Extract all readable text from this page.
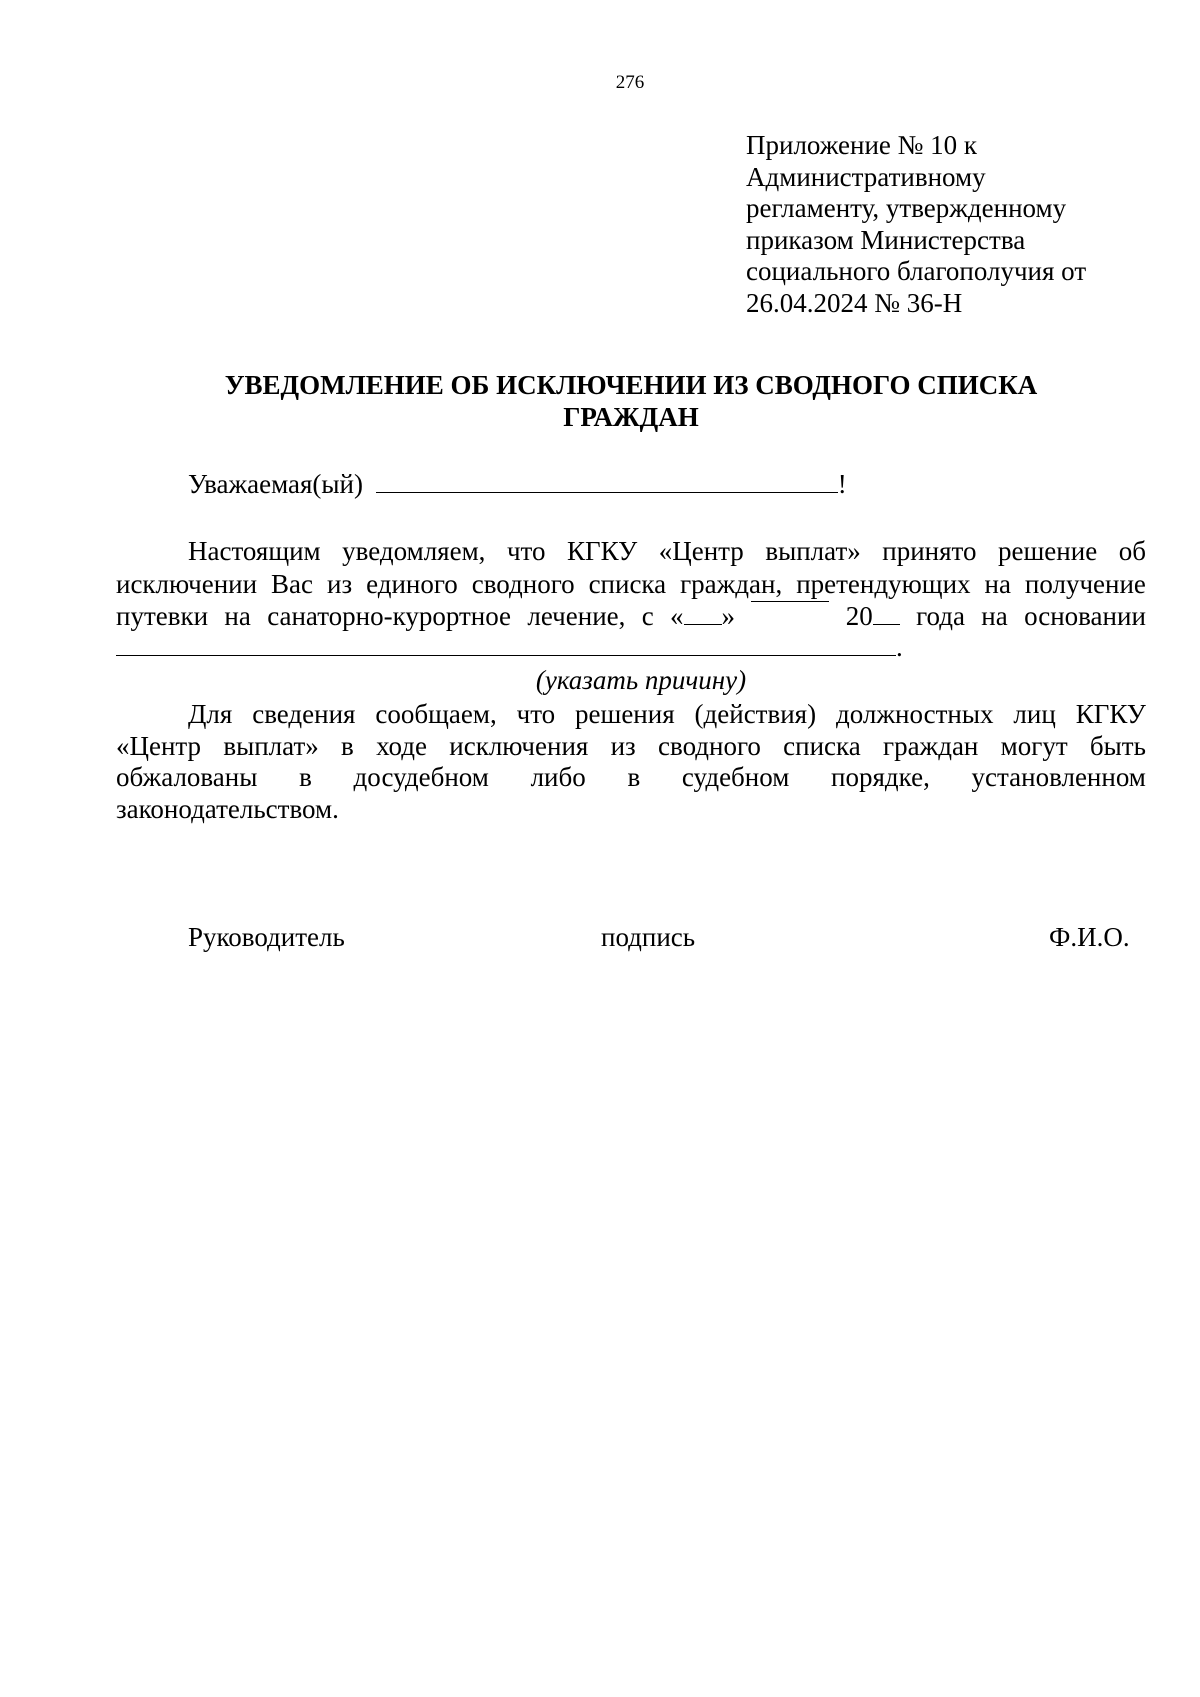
276
Приложение № 10 к
Административному
регламенту, утвержденному
приказом Министерства
социального благополучия от
26.04.2024 № 36-Н
УВЕДОМЛЕНИЕ ОБ ИСКЛЮЧЕНИИ ИЗ СВОДНОГО СПИСКА
ГРАЖДАН
Уважаемая(ый)	!
Настоящим уведомляем, что КГКУ «Центр выплат» принято решение об
исключении Вас из единого сводного списка граждан, претендующих на получение
путевки на санаторно-курортное лечение, с « »	20	года на основании
.
(указать причину)
Для сведения сообщаем, что решения (действия) должностных лиц КГКУ
«Центр выплат» в ходе исключения из сводного списка граждан могут быть
обжалованы в досудебном либо в судебном порядке, установленном
законодательством.
Руководитель	подпись	Ф.И.О.
